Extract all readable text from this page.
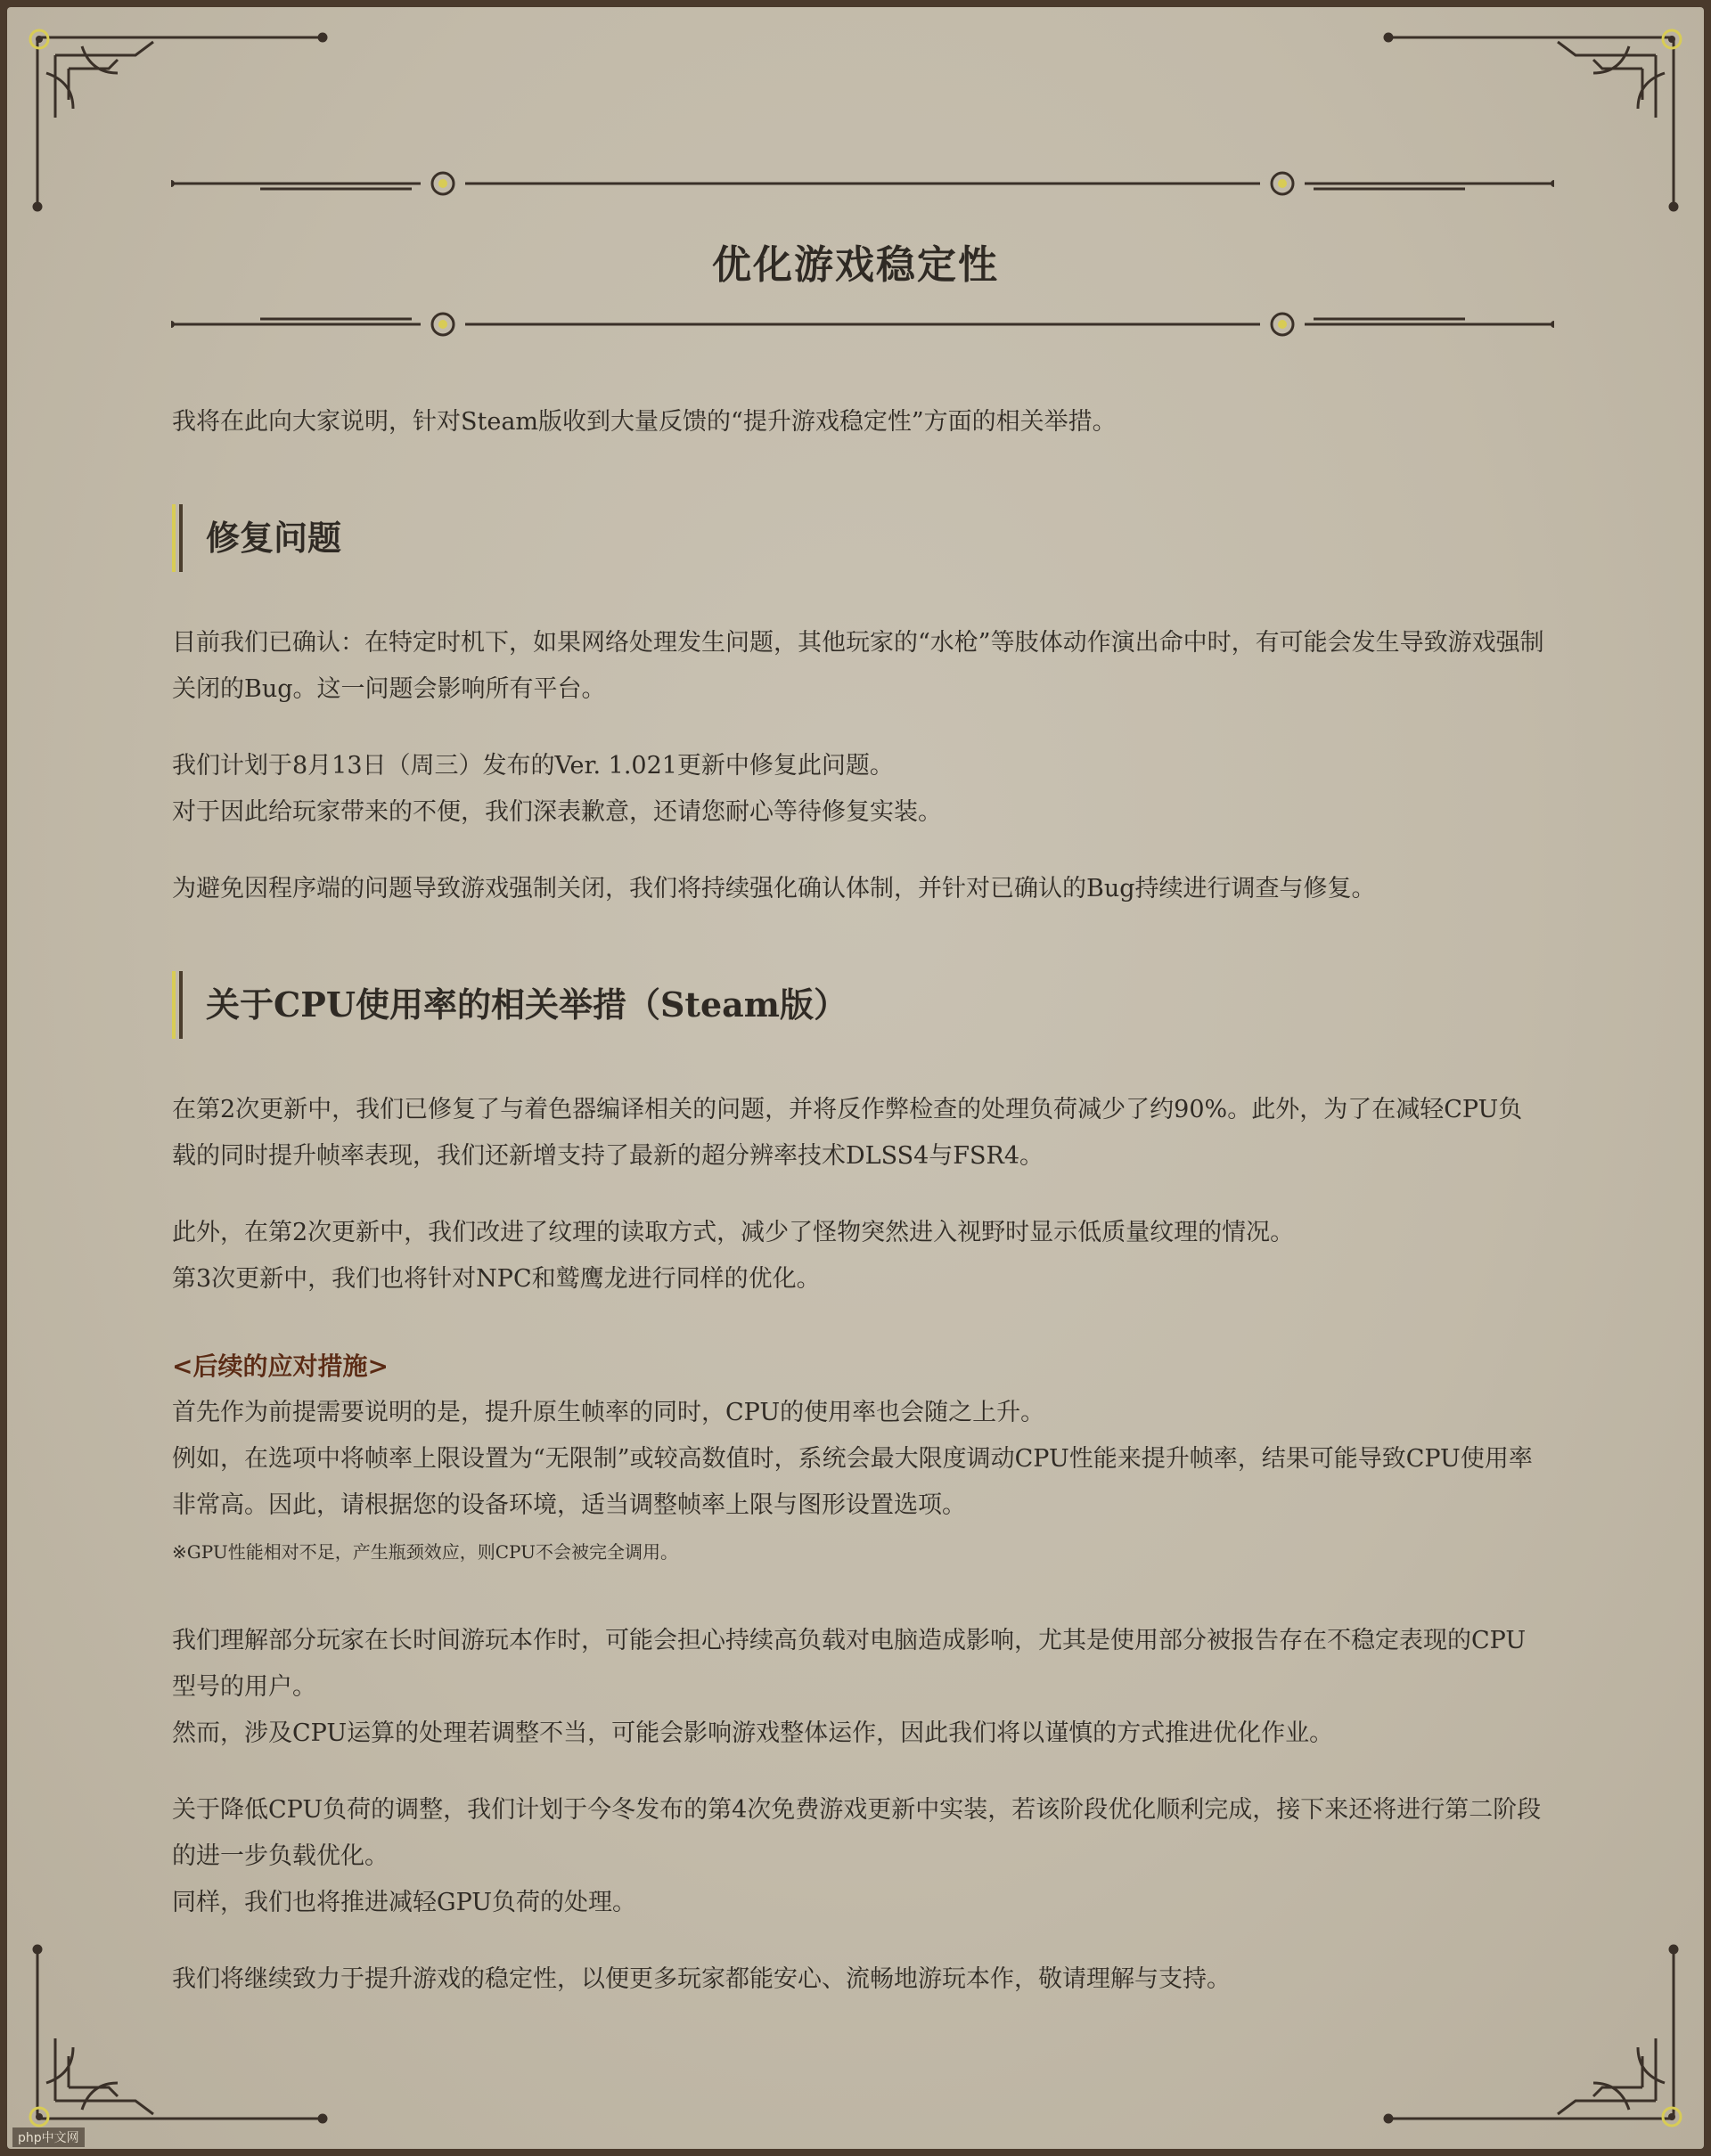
优化游戏稳定性

我将在此向大家说明，针对Steam版收到大量反馈的“提升游戏稳定性”方面的相关举措。

修复问题

目前我们已确认：在特定时机下，如果网络处理发生问题，其他玩家的“水枪”等肢体动作演出命中时，有可能会发生导致游戏强制关闭的Bug。这一问题会影响所有平台。

我们计划于8月13日（周三）发布的Ver. 1.021更新中修复此问题。

对于因此给玩家带来的不便，我们深表歉意，还请您耐心等待修复实装。

为避免因程序端的问题导致游戏强制关闭，我们将持续强化确认体制，并针对已确认的Bug持续进行调查与修复。

关于CPU使用率的相关举措（Steam版）

在第2次更新中，我们已修复了与着色器编译相关的问题，并将反作弊检查的处理负荷减少了约90%。此外，为了在减轻CPU负载的同时提升帧率表现，我们还新增支持了最新的超分辨率技术DLSS4与FSR4。

此外，在第2次更新中，我们改进了纹理的读取方式，减少了怪物突然进入视野时显示低质量纹理的情况。

第3次更新中，我们也将针对NPC和鹫鹰龙进行同样的优化。

<后续的应对措施>

首先作为前提需要说明的是，提升原生帧率的同时，CPU的使用率也会随之上升。

例如，在选项中将帧率上限设置为“无限制”或较高数值时，系统会最大限度调动CPU性能来提升帧率，结果可能导致CPU使用率非常高。因此，请根据您的设备环境，适当调整帧率上限与图形设置选项。

※GPU性能相对不足，产生瓶颈效应，则CPU不会被完全调用。

我们理解部分玩家在长时间游玩本作时，可能会担心持续高负载对电脑造成影响，尤其是使用部分被报告存在不稳定表现的CPU型号的用户。

然而，涉及CPU运算的处理若调整不当，可能会影响游戏整体运作，因此我们将以谨慎的方式推进优化作业。

关于降低CPU负荷的调整，我们计划于今冬发布的第4次免费游戏更新中实装，若该阶段优化顺利完成，接下来还将进行第二阶段的进一步负载优化。

同样，我们也将推进减轻GPU负荷的处理。

我们将继续致力于提升游戏的稳定性，以便更多玩家都能安心、流畅地游玩本作，敬请理解与支持。

php中文网
